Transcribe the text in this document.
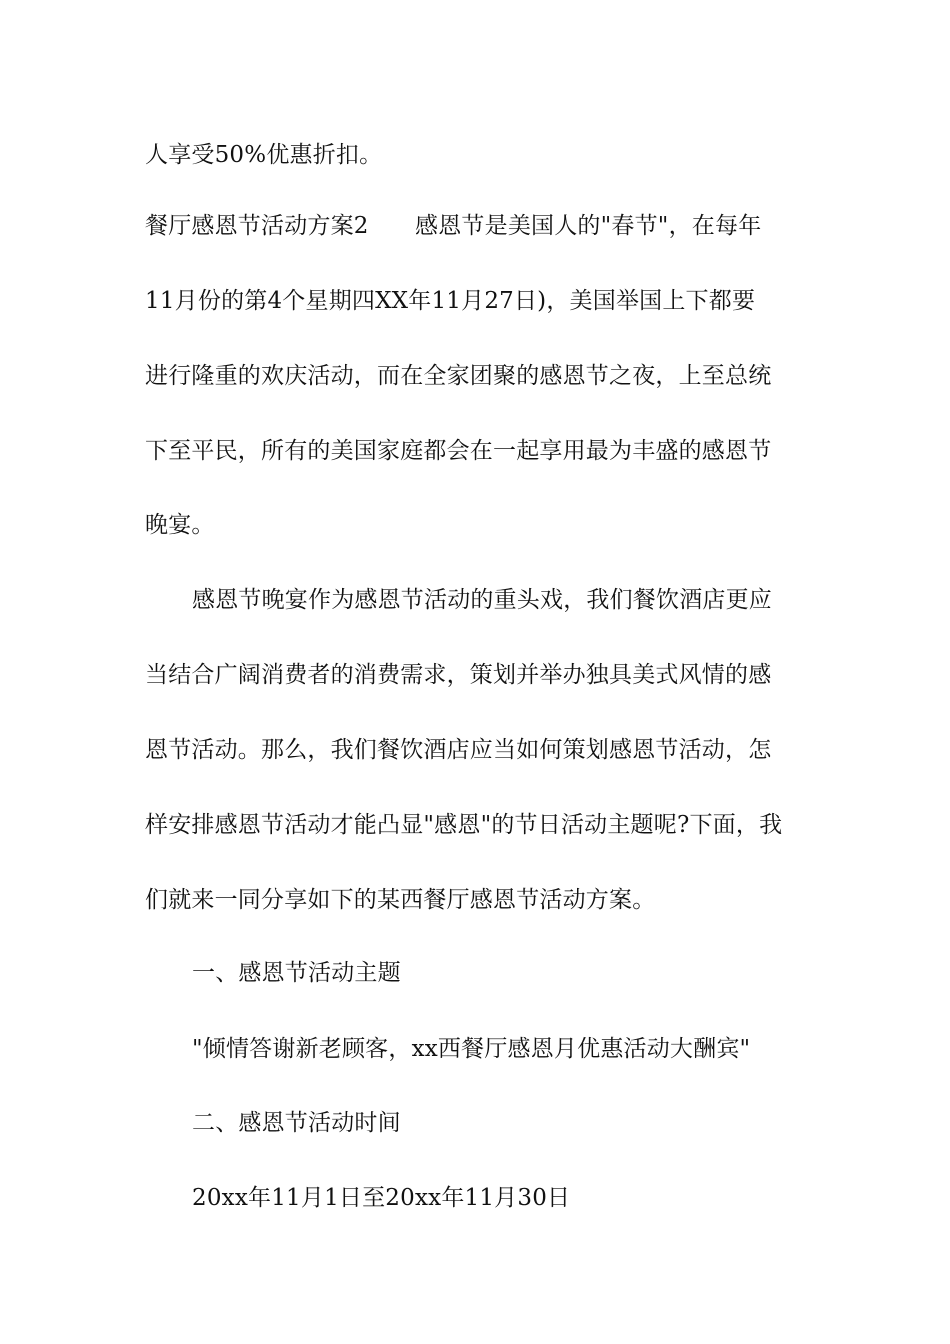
人享受50%优惠折扣。
餐厅感恩节活动方案2　　感恩节是美国人的"春节"，在每年
11月份的第4个星期四XX年11月27日)，美国举国上下都要
进行隆重的欢庆活动，而在全家团聚的感恩节之夜，上至总统
下至平民，所有的美国家庭都会在一起享用最为丰盛的感恩节
晚宴。
感恩节晚宴作为感恩节活动的重头戏，我们餐饮酒店更应
当结合广阔消费者的消费需求，策划并举办独具美式风情的感
恩节活动。那么，我们餐饮酒店应当如何策划感恩节活动，怎
样安排感恩节活动才能凸显"感恩"的节日活动主题呢?下面，我
们就来一同分享如下的某西餐厅感恩节活动方案。
一、感恩节活动主题
"倾情答谢新老顾客，xx西餐厅感恩月优惠活动大酬宾"
二、感恩节活动时间
20xx年11月1日至20xx年11月30日
